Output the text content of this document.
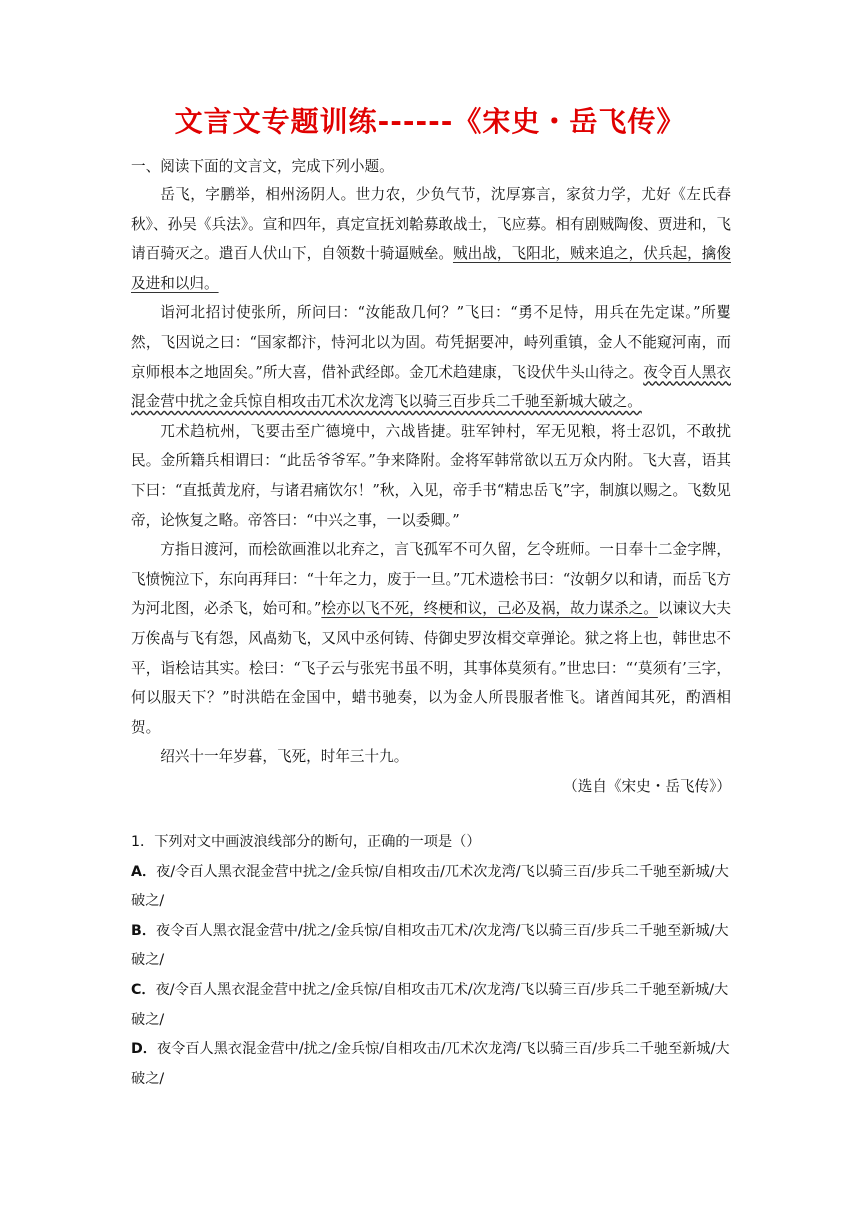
文言文专题训练------《宋史・岳飞传》
一、阅读下面的文言文，完成下列小题。

岳飞，字鹏举，相州汤阴人。世力农，少负气节，沈厚寡言，家贫力学，尤好《左氏春秋》、孙吴《兵法》。宣和四年，真定宣抚刘韐募敢战士，飞应募。相有剧贼陶俊、贾进和，飞请百骑灭之。遣百人伏山下，自领数十骑逼贼垒。贼出战，飞阳北，贼来追之，伏兵起，擒俊及进和以归。

诣河北招讨使张所，所问曰：“汝能敌几何？”飞曰：“勇不足恃，用兵在先定谋。”所矍然，飞因说之曰：“国家都汴，恃河北以为固。苟凭据要冲，峙列重镇，金人不能窥河南，而京师根本之地固矣。”所大喜，借补武经郎。金兀术趋建康，飞设伏牛头山待之。夜令百人黑衣混金营中扰之金兵惊自相攻击兀术次龙湾飞以骑三百步兵二千驰至新城大破之。

兀术趋杭州，飞要击至广德境中，六战皆捷。驻军钟村，军无见粮，将士忍饥，不敢扰民。金所籍兵相谓曰：“此岳爷爷军。”争来降附。金将军韩常欲以五万众内附。飞大喜，语其下曰：“直抵黄龙府，与诸君痛饮尔！”秋，入见，帝手书“精忠岳飞”字，制旗以赐之。飞数见帝，论恢复之略。帝答曰：“中兴之事，一以委卿。”

方指日渡河，而桧欲画淮以北弃之，言飞孤军不可久留，乞令班师。一日奉十二金字牌，飞愤惋泣下，东向再拜曰：“十年之力，废于一旦。”兀术遗桧书曰：“汝朝夕以和请，而岳飞方为河北图，必杀飞，始可和。”桧亦以飞不死，终梗和议，己必及祸，故力谋杀之。以谏议大夫万俟卨与飞有怨，风卨劾飞，又风中丞何铸、侍御史罗汝楫交章弹论。狱之将上也，韩世忠不平，诣桧诘其实。桧曰：“飞子云与张宪书虽不明，其事体莫须有。”世忠曰：“‘莫须有’三字，何以服天下？”时洪皓在金国中，蜡书驰奏，以为金人所畏服者惟飞。诸酋闻其死，酌酒相贺。

绍兴十一年岁暮，飞死，时年三十九。

（选自《宋史・岳飞传》）

1．下列对文中画波浪线部分的断句，正确的一项是（）

A．夜/令百人黑衣混金营中扰之/金兵惊/自相攻击/兀术次龙湾/飞以骑三百/步兵二千驰至新城/大破之/

B．夜令百人黑衣混金营中/扰之/金兵惊/自相攻击兀术/次龙湾/飞以骑三百/步兵二千驰至新城/大破之/

C．夜/令百人黑衣混金营中扰之/金兵惊/自相攻击兀术/次龙湾/飞以骑三百/步兵二千驰至新城/大破之/

D．夜令百人黑衣混金营中/扰之/金兵惊/自相攻击/兀术次龙湾/飞以骑三百/步兵二千驰至新城/大破之/
